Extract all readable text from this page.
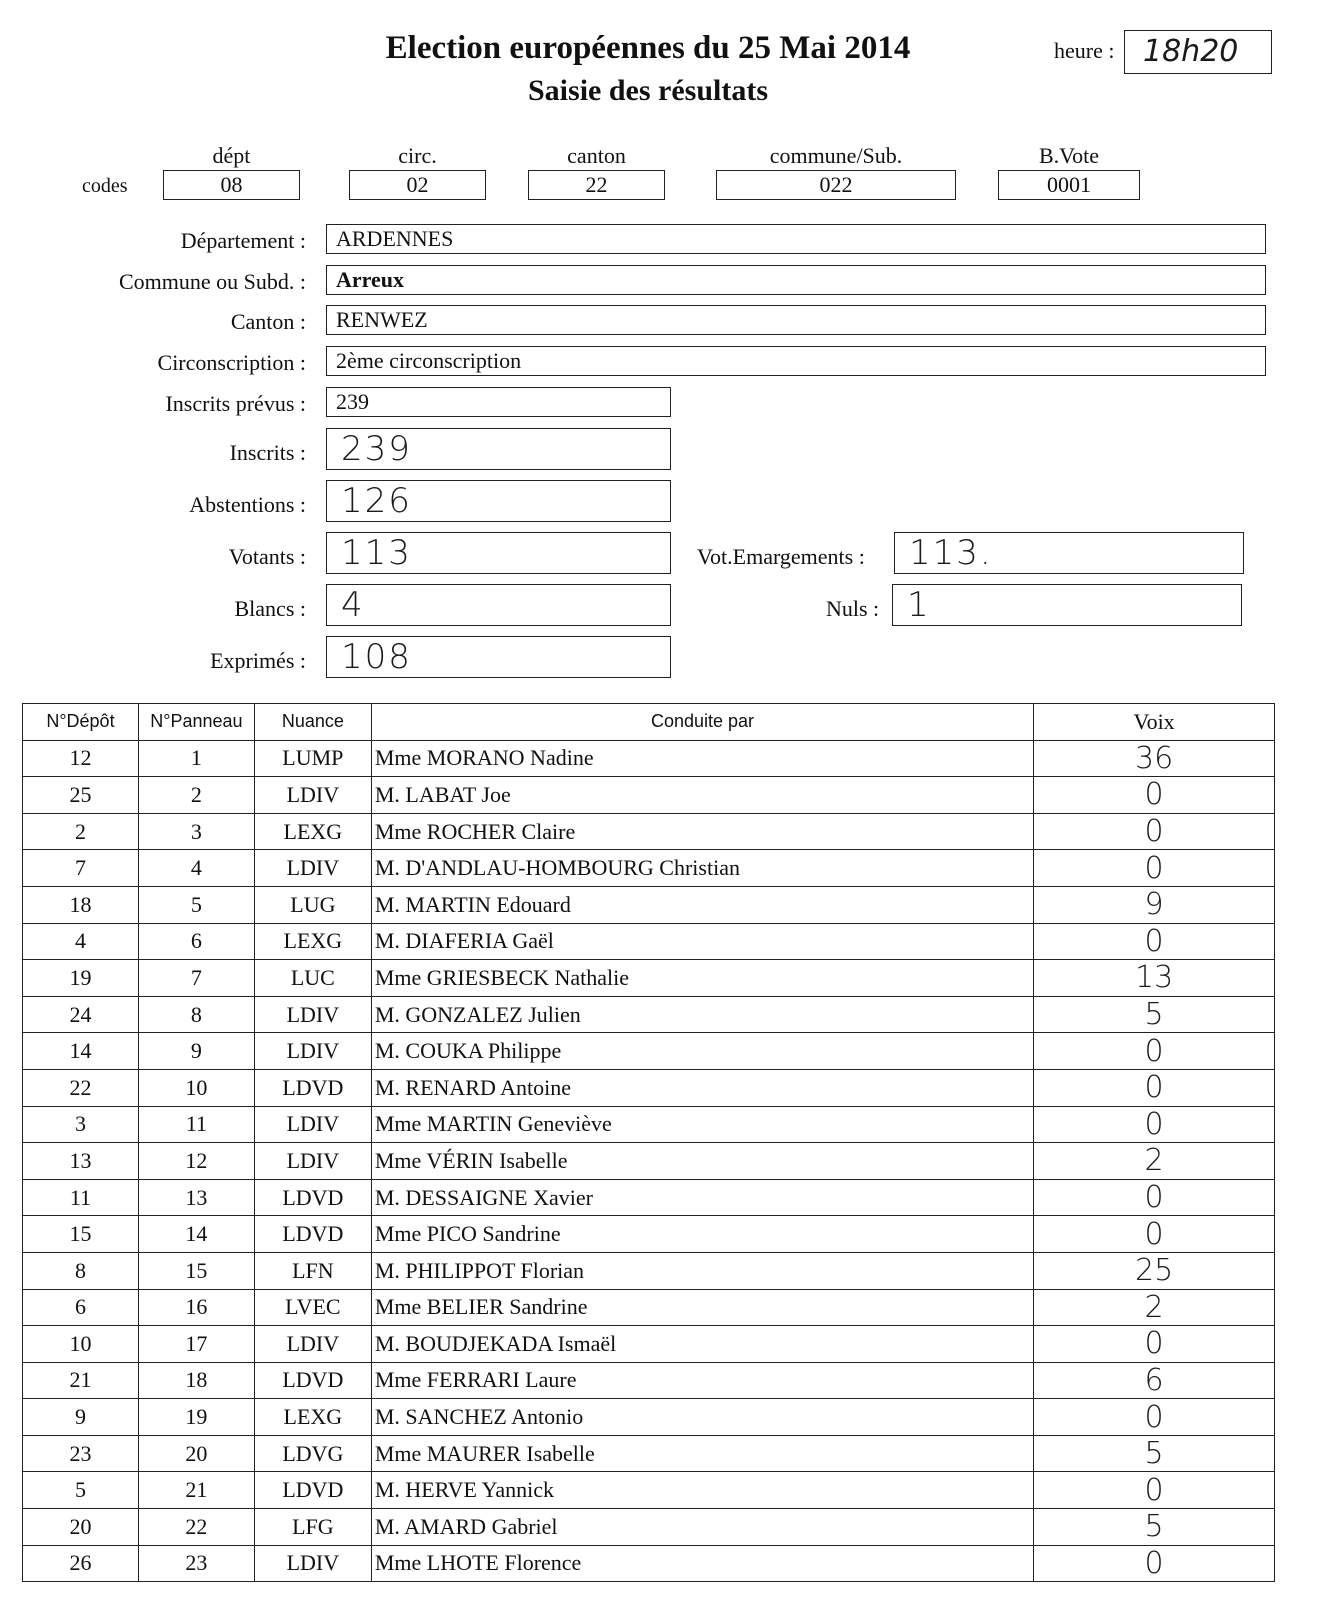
Election européennes du 25 Mai 2014
Saisie des résultats
heure : 18h20
codes
dépt
08
circ.
02
canton
22
commune/Sub.
022
B.Vote
0001
Département :	ARDENNES
Commune ou Subd. :	Arreux
Canton :	RENWEZ
Circonscription :	2ème circonscription
Inscrits prévus :	239
Inscrits :	239
Abstentions :	126
Votants :	113	Vot.Emargements :	113.
Blancs :	4	Nuls : 1
Exprimés :	108
N°Dépôt	N°Panneau	Nuance	Conduite par	Voix
12	1	LUMP	Mme MORANO Nadine	36
25	2	LDIV	M. LABAT Joe	0
2	3	LEXG	Mme ROCHER Claire	0
7	4	LDIV	M. D'ANDLAU-HOMBOURG Christian	0
18	5	LUG	M. MARTIN Edouard	9
4	6	LEXG	M. DIAFERIA Gaël	0
19	7	LUC	Mme GRIESBECK Nathalie	13
24	8	LDIV	M. GONZALEZ Julien	5
14	9	LDIV	M. COUKA Philippe	0
22	10	LDVD	M. RENARD Antoine	0
3	11	LDIV	Mme MARTIN Geneviève	0
13	12	LDIV	Mme VÉRIN Isabelle	2
11	13	LDVD	M. DESSAIGNE Xavier	0
15	14	LDVD	Mme PICO Sandrine	0
8	15	LFN	M. PHILIPPOT Florian	25
6	16	LVEC	Mme BELIER Sandrine	2
10	17	LDIV	M. BOUDJEKADA Ismaël	0
21	18	LDVD	Mme FERRARI Laure	6
9	19	LEXG	M. SANCHEZ Antonio	0
23	20	LDVG	Mme MAURER Isabelle	5
5	21	LDVD	M. HERVE Yannick	0
20	22	LFG	M. AMARD Gabriel	5
26	23	LDIV	Mme LHOTE Florence	0
